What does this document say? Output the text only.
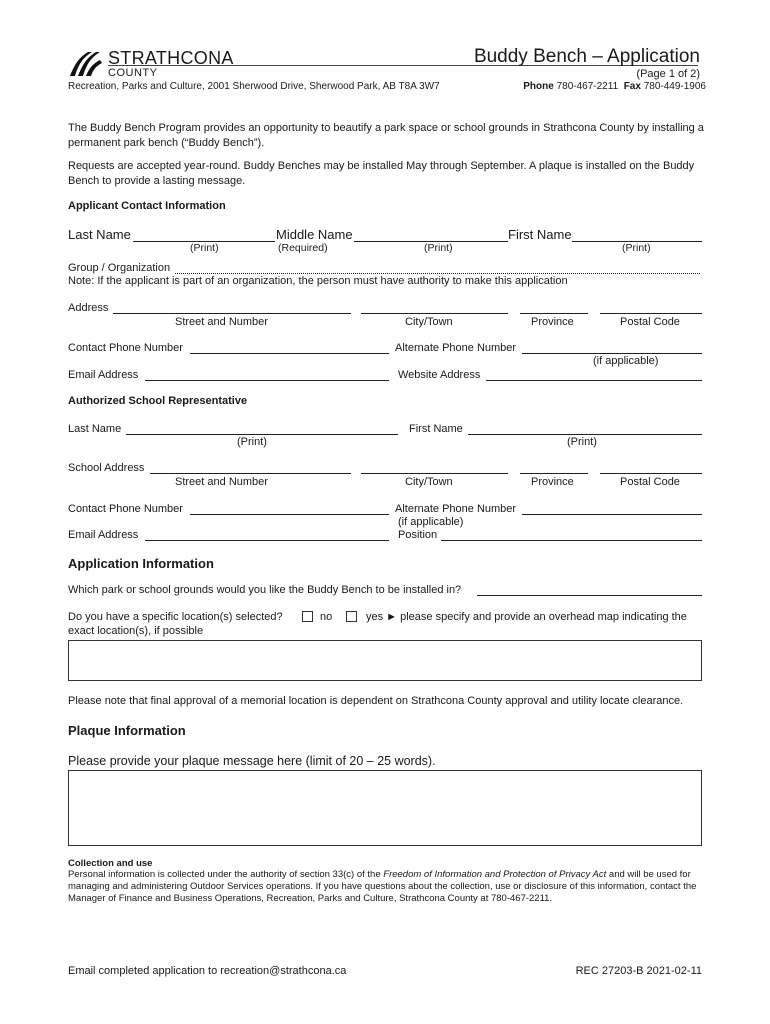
STRATHCONA
COUNTY
Recreation, Parks and Culture, 2001 Sherwood Drive, Sherwood Park, AB T8A 3W7
Buddy Bench – Application
(Page 1 of 2)
Phone 780-467-2211 Fax 780-449-1906

The Buddy Bench Program provides an opportunity to beautify a park space or school grounds in Strathcona County by installing a permanent park bench (“Buddy Bench”).

Requests are accepted year-round. Buddy Benches may be installed May through September. A plaque is installed on the Buddy Bench to provide a lasting message.

Applicant Contact Information
Last Name	Middle Name	First Name
(Print)	(Required)	(Print)	(Print)
Group / Organization
Note: If the applicant is part of an organization, the person must have authority to make this application
Address
Street and Number	City/Town	Province	Postal Code
Contact Phone Number	Alternate Phone Number
(if applicable)
Email Address	Website Address
Authorized School Representative
Last Name	First Name
(Print)	(Print)
School Address
Street and Number	City/Town	Province	Postal Code
Contact Phone Number	Alternate Phone Number
(if applicable)
Email Address	Position
Application Information
Which park or school grounds would you like the Buddy Bench to be installed in?
Do you have a specific location(s) selected?	no	yes ► please specify and provide an overhead map indicating the
exact location(s), if possible
Please note that final approval of a memorial location is dependent on Strathcona County approval and utility locate clearance.
Plaque Information
Please provide your plaque message here (limit of 20 – 25 words).
Collection and use

Personal information is collected under the authority of section 33(c) of the Freedom of Information and Protection of Privacy Act and will be used for managing and administering Outdoor Services operations. If you have questions about the collection, use or disclosure of this information, contact the Manager of Finance and Business Operations, Recreation, Parks and Culture, Strathcona County at 780-467-2211.

Email completed application to recreation@strathcona.ca	REC 27203-B 2021-02-11
